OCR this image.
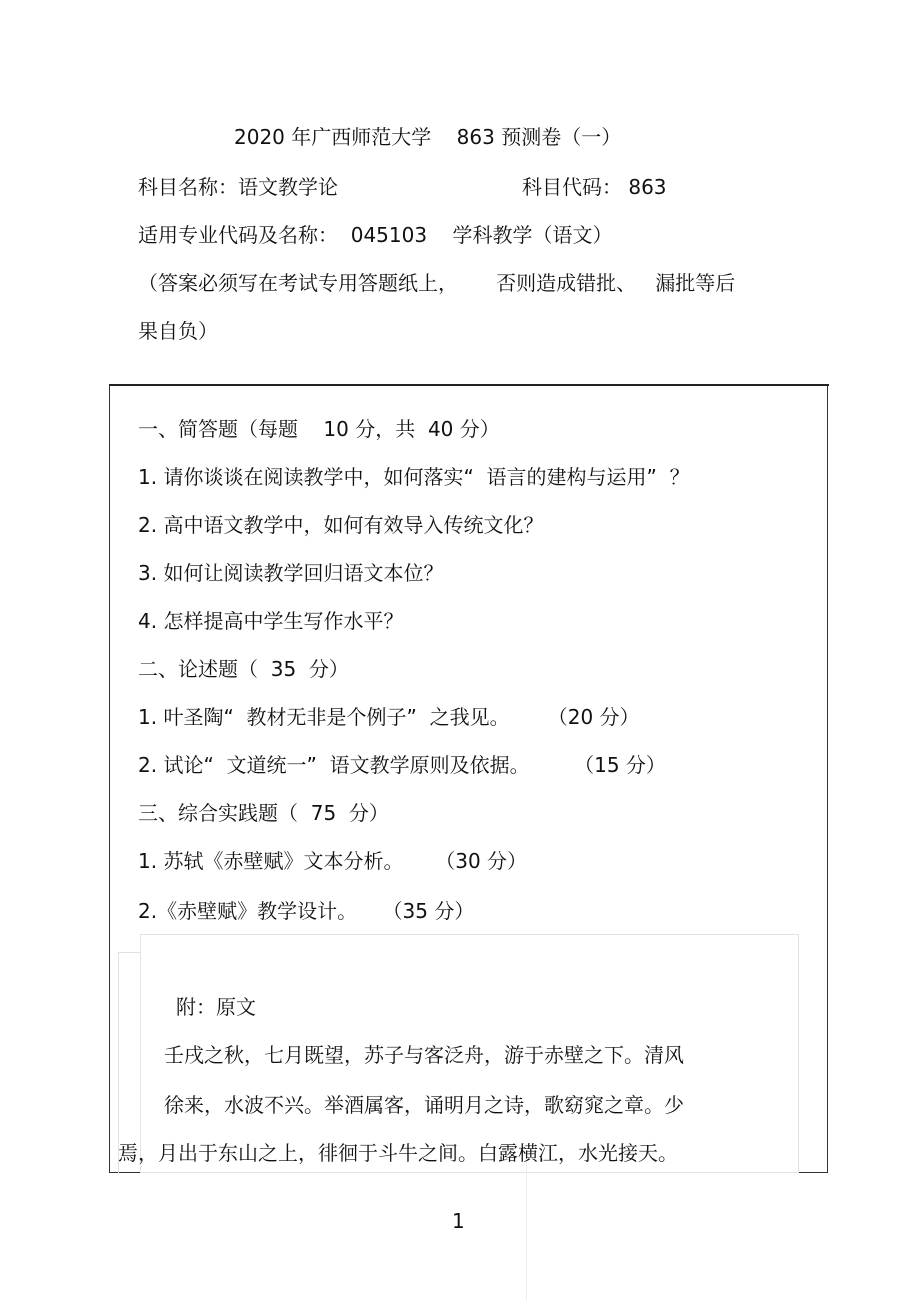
2020 年广西师范大学    863 预测卷（一）
科目名称：语文教学论	科目代码： 863
适用专业代码及名称：  045103    学科教学（语文）
（答案必须写在考试专用答题纸上，      否则造成错批、   漏批等后
果自负）
一、简答题（每题    10 分，共  40 分）
1. 请你谈谈在阅读教学中，如何落实“  语言的建构与运用”  ？
2. 高中语文教学中，如何有效导入传统文化？
3. 如何让阅读教学回归语文本位？
4. 怎样提高中学生写作水平？
二、论述题（  35  分）
1. 叶圣陶“  教材无非是个例子”  之我见。      （20 分）
2. 试论“  文道统一”  语文教学原则及依据。       （15 分）
三、综合实践题（  75  分）
1. 苏轼《赤壁赋》文本分析。     （30 分）
2.《赤壁赋》教学设计。    （35 分）
附：原文
壬戌之秋，七月既望，苏子与客泛舟，游于赤壁之下。清风
徐来，水波不兴。举酒属客，诵明月之诗，歌窈窕之章。少
焉，月出于东山之上，徘徊于斗牛之间。白露横江，水光接天。
1
